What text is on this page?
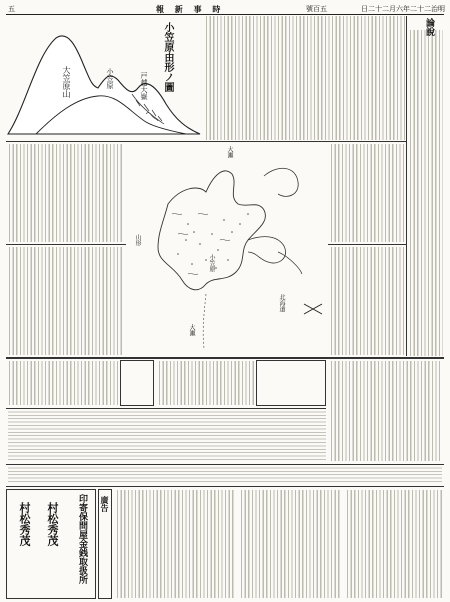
五	報 新 事 時	號百五	日二十二月六年二十二治明
小笠原由形ノ圖
大笠原山	小笠原	戸越大嶽
論說
大瀬
山形
小笠原
大瀬
北海道
印寄保問屋金銭取扱所
村松秀茂
村松秀茂	廣告
